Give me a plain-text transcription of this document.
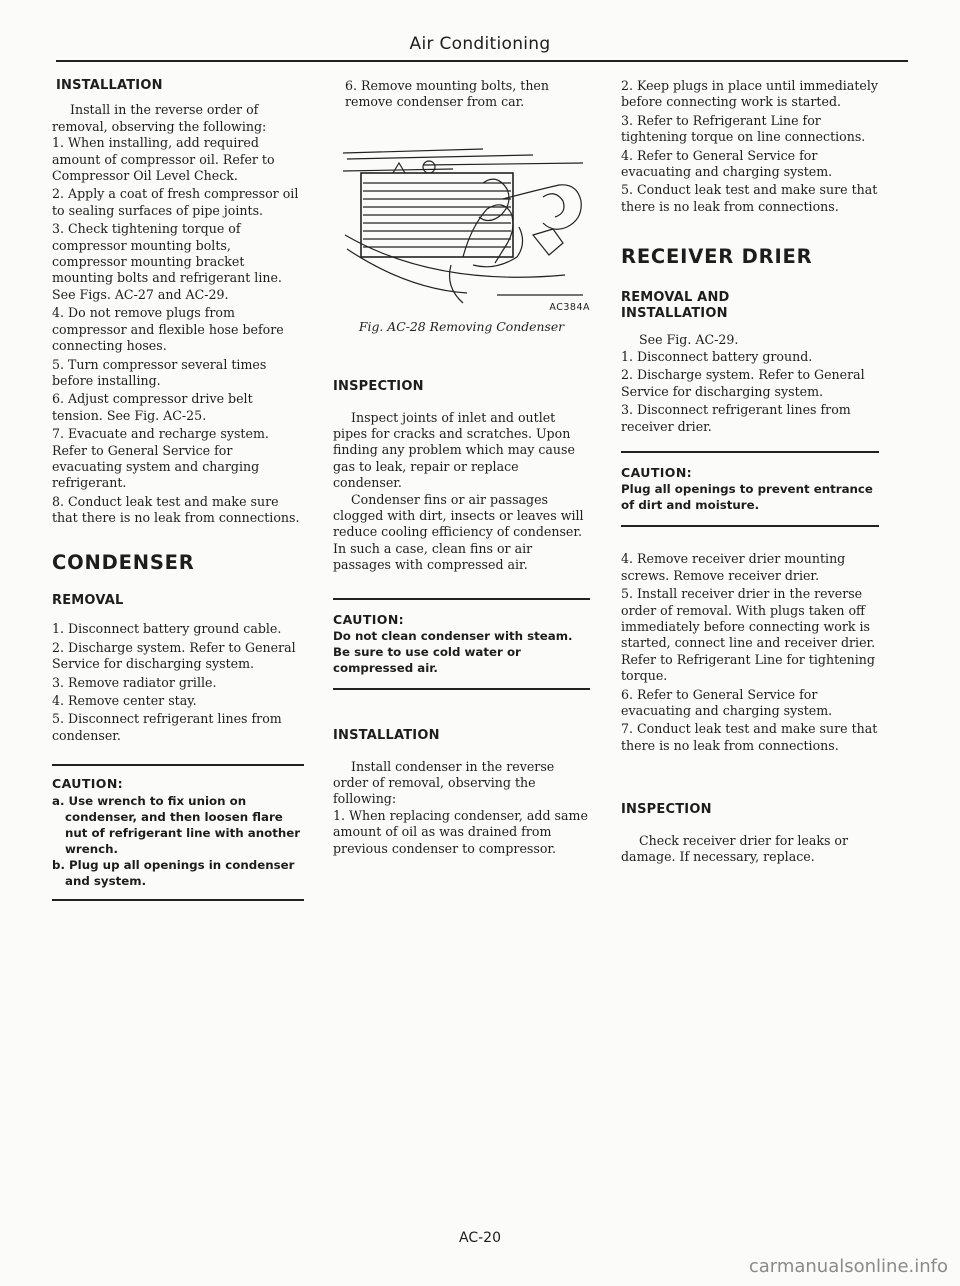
Air Conditioning
INSTALLATION

Install in the reverse order of removal, observing the following:

1. When installing, add required amount of compressor oil. Refer to Compressor Oil Level Check.

2. Apply a coat of fresh compressor oil to sealing surfaces of pipe joints.

3. Check tightening torque of compressor mounting bolts, compressor mounting bracket mounting bolts and refrigerant line. See Figs. AC-27 and AC-29.

4. Do not remove plugs from compressor and flexible hose before connecting hoses.

5. Turn compressor several times before installing.

6. Adjust compressor drive belt tension. See Fig. AC-25.

7. Evacuate and recharge system. Refer to General Service for evacuating system and charging refrigerant.

8. Conduct leak test and make sure that there is no leak from connections.

CONDENSER
REMOVAL

1. Disconnect battery ground cable.

2. Discharge system. Refer to General Service for discharging system.

3. Remove radiator grille.

4. Remove center stay.

5. Disconnect refrigerant lines from condenser.

CAUTION:
a. Use wrench to fix union on condenser, and then loosen flare nut of refrigerant line with another wrench.
b. Plug up all openings in condenser and system.

6. Remove mounting bolts, then remove condenser from car.

AC384A
Fig. AC-28 Removing Condenser
INSPECTION

Inspect joints of inlet and outlet pipes for cracks and scratches. Upon finding any problem which may cause gas to leak, repair or replace condenser.

Condenser fins or air passages clogged with dirt, insects or leaves will reduce cooling efficiency of condenser. In such a case, clean fins or air passages with compressed air.

CAUTION:
Do not clean condenser with steam. Be sure to use cold water or compressed air.
INSTALLATION

Install condenser in the reverse order of removal, observing the following:

1. When replacing condenser, add same amount of oil as was drained from previous condenser to compressor.

2. Keep plugs in place until immediately before connecting work is started.

3. Refer to Refrigerant Line for tightening torque on line connections.

4. Refer to General Service for evacuating and charging system.

5. Conduct leak test and make sure that there is no leak from connections.

RECEIVER DRIER
REMOVAL AND INSTALLATION

See Fig. AC-29.

1. Disconnect battery ground.

2. Discharge system. Refer to General Service for discharging system.

3. Disconnect refrigerant lines from receiver drier.

CAUTION:
Plug all openings to prevent entrance of dirt and moisture.

4. Remove receiver drier mounting screws. Remove receiver drier.

5. Install receiver drier in the reverse order of removal. With plugs taken off immediately before connecting work is started, connect line and receiver drier. Refer to Refrigerant Line for tightening torque.

6. Refer to General Service for evacuating and charging system.

7. Conduct leak test and make sure that there is no leak from connections.

INSPECTION

Check receiver drier for leaks or damage. If necessary, replace.

AC-20
carmanualsonline.info
